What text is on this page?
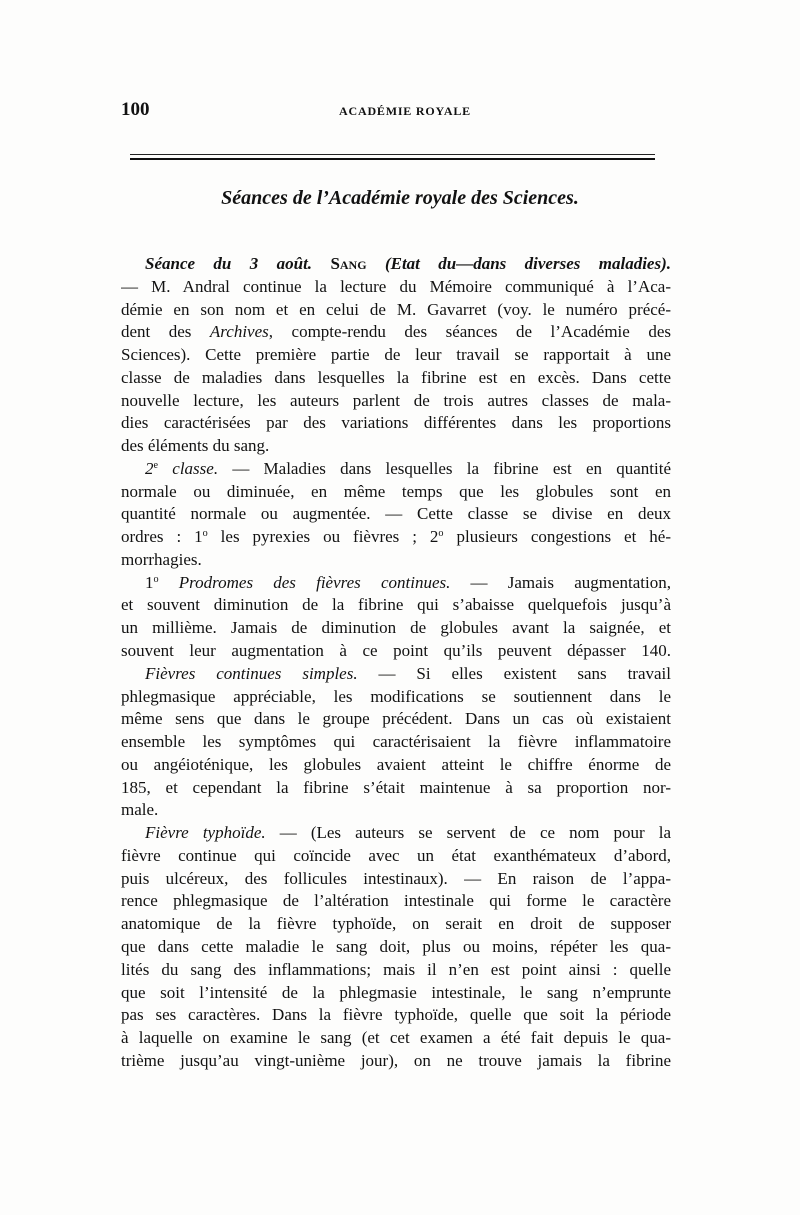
100	ACADÉMIE ROYALE
Séances de l’Académie royale des Sciences.
Séance du 3 août. Sang (Etat du—dans diverses maladies).
— M. Andral continue la lecture du Mémoire communiqué à l’Aca-
démie en son nom et en celui de M. Gavarret (voy. le numéro précé-
dent des Archives, compte-rendu des séances de l’Académie des
Sciences). Cette première partie de leur travail se rapportait à une
classe de maladies dans lesquelles la fibrine est en excès. Dans cette
nouvelle lecture, les auteurs parlent de trois autres classes de mala-
dies caractérisées par des variations différentes dans les proportions
des éléments du sang.
2e classe. — Maladies dans lesquelles la fibrine est en quantité
normale ou diminuée, en même temps que les globules sont en
quantité normale ou augmentée. — Cette classe se divise en deux
ordres : 1$^o$ les pyrexies ou fièvres ; 2$^o$ plusieurs congestions et hé-
morrhagies.
1$^o$ Prodromes des fièvres continues. — Jamais augmentation,
et souvent diminution de la fibrine qui s’abaisse quelquefois jusqu’à
un millième. Jamais de diminution de globules avant la saignée, et
souvent leur augmentation à ce point qu’ils peuvent dépasser 140.
Fièvres continues simples. — Si elles existent sans travail
phlegmasique appréciable, les modifications se soutiennent dans le
même sens que dans le groupe précédent. Dans un cas où existaient
ensemble les symptômes qui caractérisaient la fièvre inflammatoire
ou angéioténique, les globules avaient atteint le chiffre énorme de
185, et cependant la fibrine s’était maintenue à sa proportion nor-
male.
Fièvre typhoïde. — (Les auteurs se servent de ce nom pour la
fièvre continue qui coïncide avec un état exanthémateux d’abord,
puis ulcéreux, des follicules intestinaux). — En raison de l’appa-
rence phlegmasique de l’altération intestinale qui forme le caractère
anatomique de la fièvre typhoïde, on serait en droit de supposer
que dans cette maladie le sang doit, plus ou moins, répéter les qua-
lités du sang des inflammations; mais il n’en est point ainsi : quelle
que soit l’intensité de la phlegmasie intestinale, le sang n’emprunte
pas ses caractères. Dans la fièvre typhoïde, quelle que soit la période
à laquelle on examine le sang (et cet examen a été fait depuis le qua-
trième jusqu’au vingt-unième jour), on ne trouve jamais la fibrine
